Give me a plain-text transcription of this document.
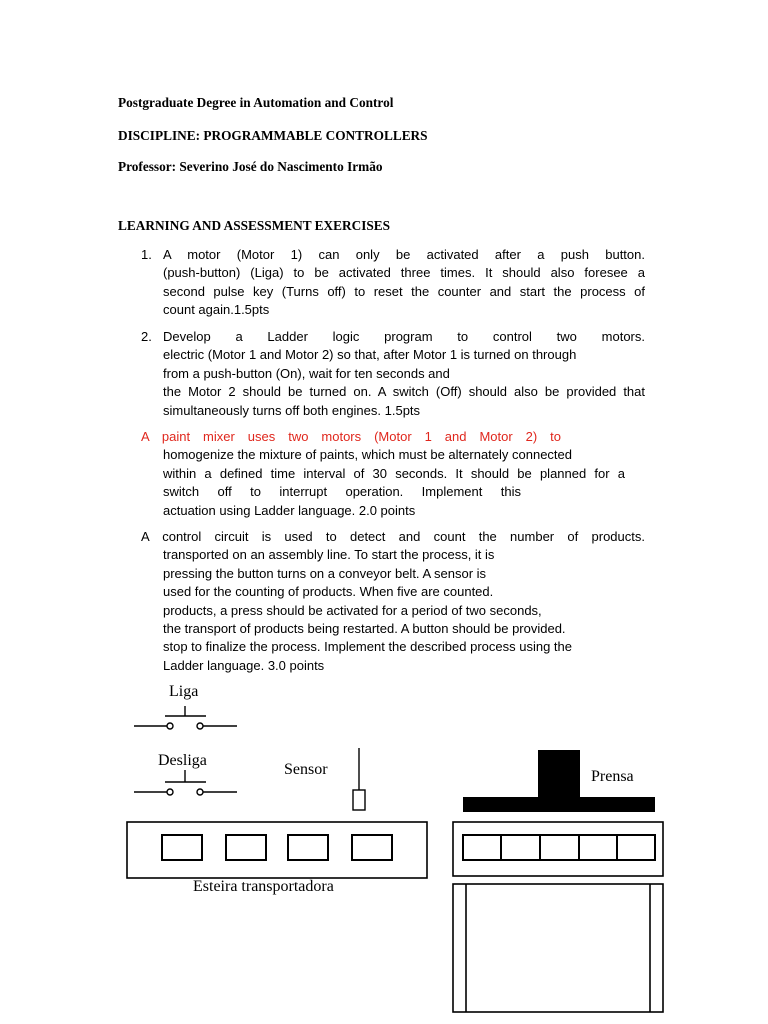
Postgraduate Degree in Automation and Control
DISCIPLINE: PROGRAMMABLE CONTROLLERS
Professor: Severino José do Nascimento Irmão
LEARNING AND ASSESSMENT EXERCISES
1. A motor (Motor 1) can only be activated after a push button.
(push-button) (Liga) to be activated three times. It should also foresee a
second pulse key (Turns off) to reset the counter and start the process of
count again.1.5pts
2. Develop a Ladder logic program to control two motors.
electric (Motor 1 and Motor 2) so that, after Motor 1 is turned on through
from a push-button (On), wait for ten seconds and
the Motor 2 should be turned on. A switch (Off) should also be provided that
simultaneously turns off both engines. 1.5pts
A paint mixer uses two motors (Motor 1 and Motor 2) to
homogenize the mixture of paints, which must be alternately connected
within a defined time interval of 30 seconds. It should be planned for a
switch off to interrupt operation. Implement this
actuation using Ladder language. 2.0 points
A control circuit is used to detect and count the number of products.
transported on an assembly line. To start the process, it is
pressing the button turns on a conveyor belt. A sensor is
used for the counting of products. When five are counted.
products, a press should be activated for a period of two seconds,
the transport of products being restarted. A button should be provided.
stop to finalize the process. Implement the described process using the
Ladder language. 3.0 points
Liga
Desliga
Sensor
Esteira transportadora
Prensa
